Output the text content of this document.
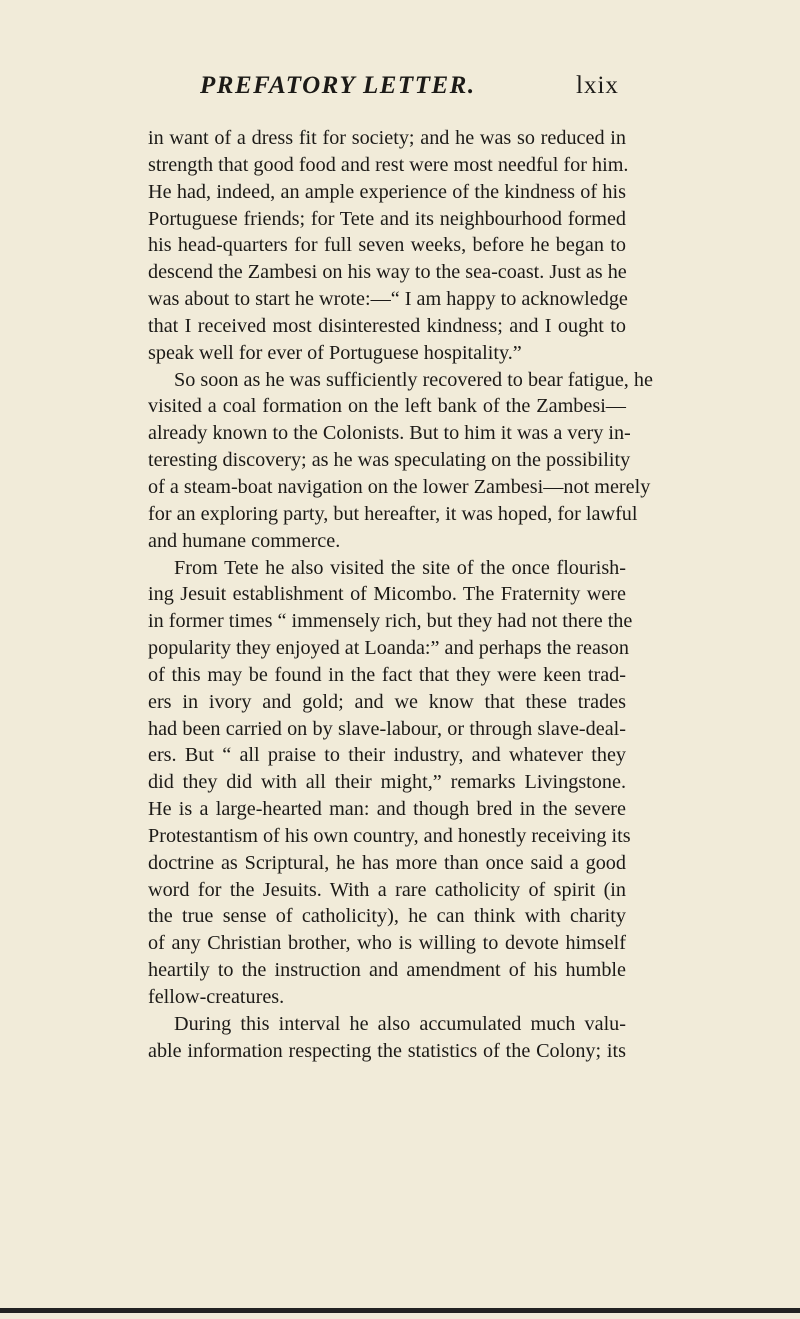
PREFATORY LETTER.	lxix
in want of a dress fit for society; and he was so reduced in
strength that good food and rest were most needful for him.
He had, indeed, an ample experience of the kindness of his
Portuguese friends; for Tete and its neighbourhood formed
his head-quarters for full seven weeks, before he began to
descend the Zambesi on his way to the sea-coast. Just as he
was about to start he wrote:—“ I am happy to acknowledge
that I received most disinterested kindness; and I ought to
speak well for ever of Portuguese hospitality.”
So soon as he was sufficiently recovered to bear fatigue, he
visited a coal formation on the left bank of the Zambesi—
already known to the Colonists. But to him it was a very in-
teresting discovery; as he was speculating on the possibility
of a steam-boat navigation on the lower Zambesi—not merely
for an exploring party, but hereafter, it was hoped, for lawful
and humane commerce.
From Tete he also visited the site of the once flourish-
ing Jesuit establishment of Micombo. The Fraternity were
in former times “ immensely rich, but they had not there the
popularity they enjoyed at Loanda:” and perhaps the reason
of this may be found in the fact that they were keen trad-
ers in ivory and gold; and we know that these trades
had been carried on by slave-labour, or through slave-deal-
ers. But “ all praise to their industry, and whatever they
did they did with all their might,” remarks Livingstone.
He is a large-hearted man: and though bred in the severe
Protestantism of his own country, and honestly receiving its
doctrine as Scriptural, he has more than once said a good
word for the Jesuits. With a rare catholicity of spirit (in
the true sense of catholicity), he can think with charity
of any Christian brother, who is willing to devote himself
heartily to the instruction and amendment of his humble
fellow-creatures.
During this interval he also accumulated much valu-
able information respecting the statistics of the Colony; its
